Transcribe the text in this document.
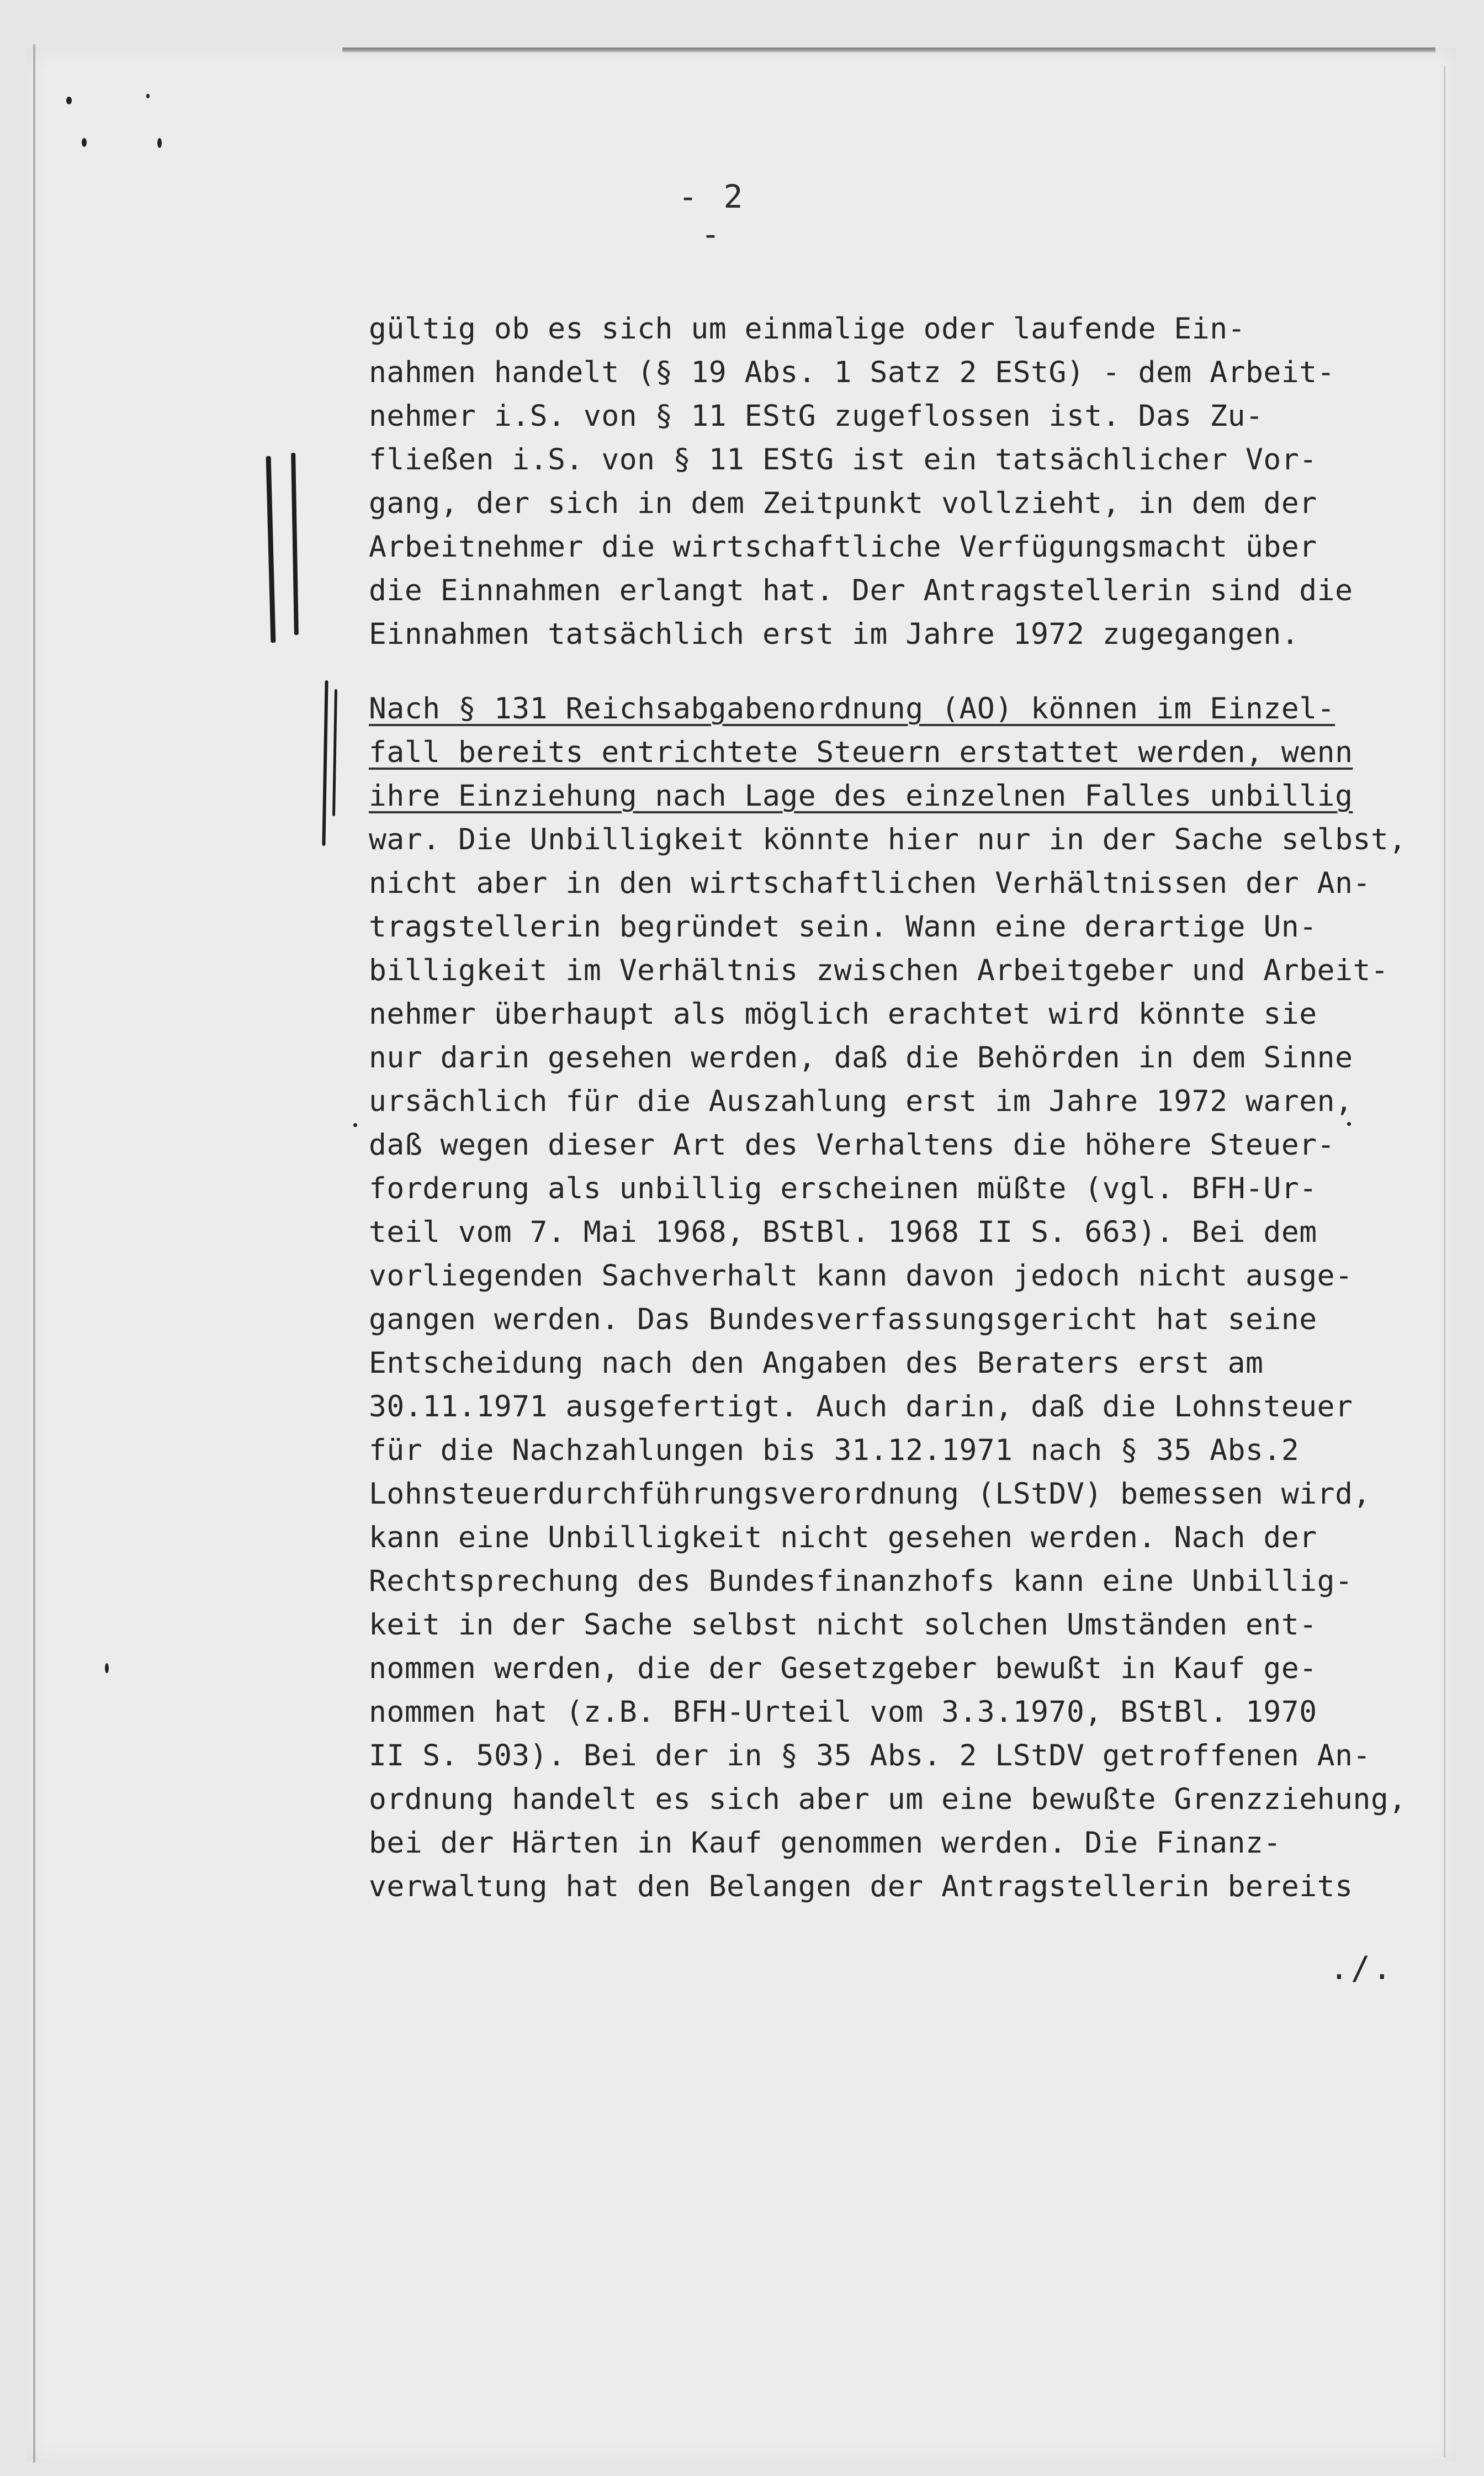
- 2 -
gültig ob es sich um einmalige oder laufende Ein-
nahmen handelt (§ 19 Abs. 1 Satz 2 EStG) - dem Arbeit-
nehmer i.S. von § 11 EStG zugeflossen ist. Das Zu-
fließen i.S. von § 11 EStG ist ein tatsächlicher Vor-
gang, der sich in dem Zeitpunkt vollzieht, in dem der
Arbeitnehmer die wirtschaftliche Verfügungsmacht über
die Einnahmen erlangt hat. Der Antragstellerin sind die
Einnahmen tatsächlich erst im Jahre 1972 zugegangen.
Nach § 131 Reichsabgabenordnung (AO) können im Einzel-
fall bereits entrichtete Steuern erstattet werden, wenn
ihre Einziehung nach Lage des einzelnen Falles unbillig
war. Die Unbilligkeit könnte hier nur in der Sache selbst,
nicht aber in den wirtschaftlichen Verhältnissen der An-
tragstellerin begründet sein. Wann eine derartige Un-
billigkeit im Verhältnis zwischen Arbeitgeber und Arbeit-
nehmer überhaupt als möglich erachtet wird könnte sie
nur darin gesehen werden, daß die Behörden in dem Sinne
ursächlich für die Auszahlung erst im Jahre 1972 waren,
daß wegen dieser Art des Verhaltens die höhere Steuer-
forderung als unbillig erscheinen müßte (vgl. BFH-Ur-
teil vom 7. Mai 1968, BStBl. 1968 II S. 663). Bei dem
vorliegenden Sachverhalt kann davon jedoch nicht ausge-
gangen werden. Das Bundesverfassungsgericht hat seine
Entscheidung nach den Angaben des Beraters erst am
30.11.1971 ausgefertigt. Auch darin, daß die Lohnsteuer
für die Nachzahlungen bis 31.12.1971 nach § 35 Abs.2
Lohnsteuerdurchführungsverordnung (LStDV) bemessen wird,
kann eine Unbilligkeit nicht gesehen werden. Nach der
Rechtsprechung des Bundesfinanzhofs kann eine Unbillig-
keit in der Sache selbst nicht solchen Umständen ent-
nommen werden, die der Gesetzgeber bewußt in Kauf ge-
nommen hat (z.B. BFH-Urteil vom 3.3.1970, BStBl. 1970
II S. 503). Bei der in § 35 Abs. 2 LStDV getroffenen An-
ordnung handelt es sich aber um eine bewußte Grenzziehung,
bei der Härten in Kauf genommen werden. Die Finanz-
verwaltung hat den Belangen der Antragstellerin bereits
./.
